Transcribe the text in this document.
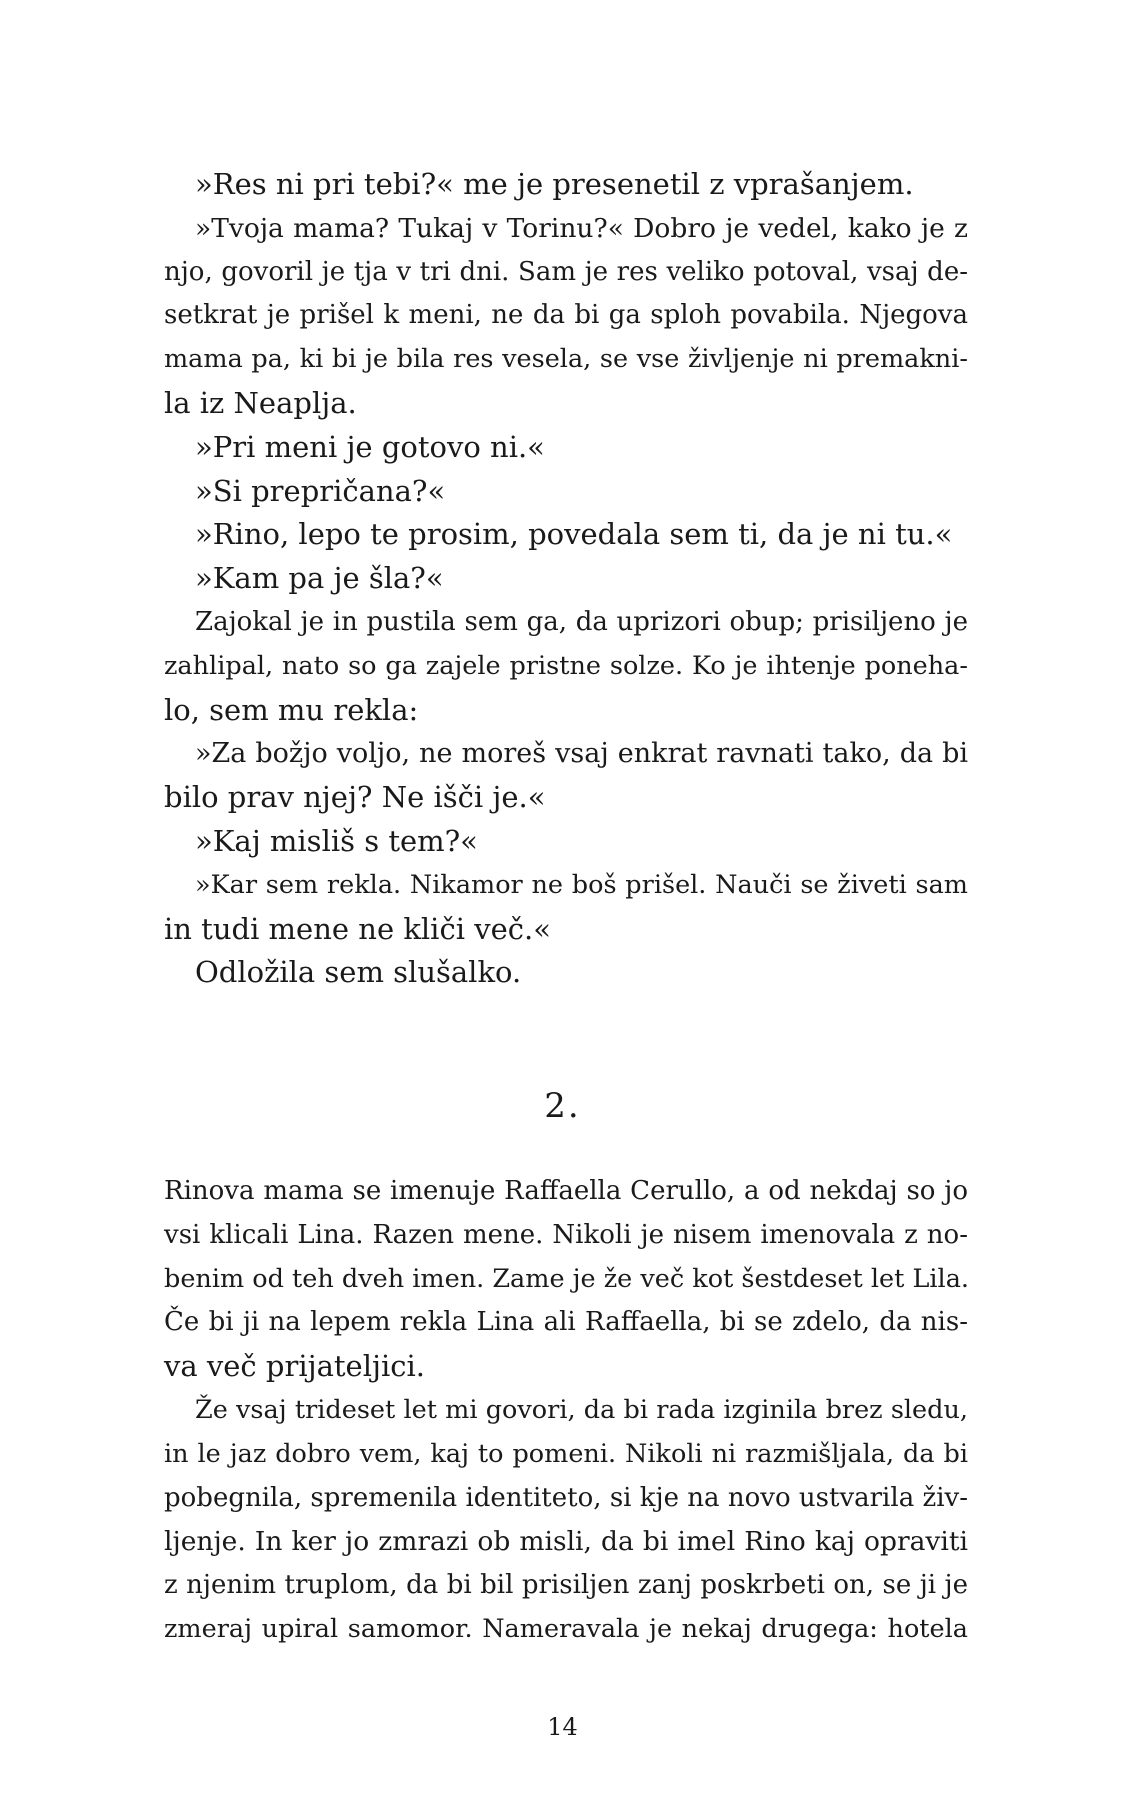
»Res ni pri tebi?« me je presenetil z vprašanjem.
»Tvoja mama? Tukaj v Torinu?« Dobro je vedel, kako je z
njo, govoril je tja v tri dni. Sam je res veliko potoval, vsaj de-
setkrat je prišel k meni, ne da bi ga sploh povabila. Njegova
mama pa, ki bi je bila res vesela, se vse življenje ni premakni-
la iz Neaplja.
»Pri meni je gotovo ni.«
»Si prepričana?«
»Rino, lepo te prosim, povedala sem ti, da je ni tu.«
»Kam pa je šla?«
Zajokal je in pustila sem ga, da uprizori obup; prisiljeno je
zahlipal, nato so ga zajele pristne solze. Ko je ihtenje poneha-
lo, sem mu rekla:
»Za božjo voljo, ne moreš vsaj enkrat ravnati tako, da bi
bilo prav njej? Ne išči je.«
»Kaj misliš s tem?«
»Kar sem rekla. Nikamor ne boš prišel. Nauči se živeti sam
in tudi mene ne kliči več.«
Odložila sem slušalko.
2.
Rinova mama se imenuje Raffaella Cerullo, a od nekdaj so jo
vsi klicali Lina. Razen mene. Nikoli je nisem imenovala z no-
benim od teh dveh imen. Zame je že več kot šestdeset let Lila.
Če bi ji na lepem rekla Lina ali Raffaella, bi se zdelo, da nis-
va več prijateljici.
Že vsaj trideset let mi govori, da bi rada izginila brez sledu,
in le jaz dobro vem, kaj to pomeni. Nikoli ni razmišljala, da bi
pobegnila, spremenila identiteto, si kje na novo ustvarila živ-
ljenje. In ker jo zmrazi ob misli, da bi imel Rino kaj opraviti
z njenim truplom, da bi bil prisiljen zanj poskrbeti on, se ji je
zmeraj upiral samomor. Nameravala je nekaj drugega: hotela
14
